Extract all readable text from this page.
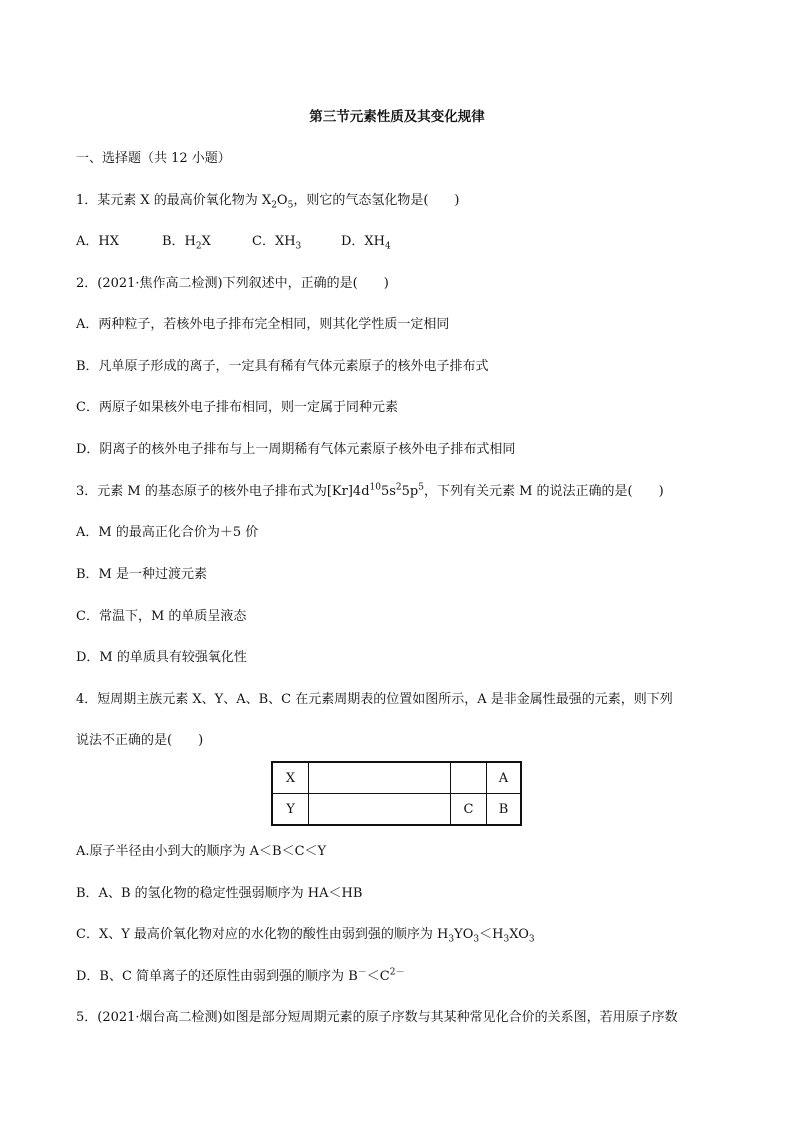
第三节元素性质及其变化规律
一、选择题（共 12 小题）
1．某元素 X 的最高价氧化物为 $X_2O_5$，则它的气态氢化物是(　　)
A．HX	B．$H_2X$	C．$XH_3$	D．$XH_4$
2．(2021·焦作高二检测)下列叙述中，正确的是(　　)
A．两种粒子，若核外电子排布完全相同，则其化学性质一定相同
B．凡单原子形成的离子，一定具有稀有气体元素原子的核外电子排布式
C．两原子如果核外电子排布相同，则一定属于同种元素
D．阴离子的核外电子排布与上一周期稀有气体元素原子核外电子排布式相同
3．元素 M 的基态原子的核外电子排布式为$[Kr]4d^{10}5s^25p^5$，下列有关元素 M 的说法正确的是(　　)
A．M 的最高正化合价为＋5 价
B．M 是一种过渡元素
C．常温下，M 的单质呈液态
D．M 的单质具有较强氧化性
4．短周期主族元素 X、Y、A、B、C 在元素周期表的位置如图所示，A 是非金属性最强的元素，则下列
说法不正确的是(　　)
X			A
Y		C	B
A.原子半径由小到大的顺序为 A＜B＜C＜Y
B．A、B 的氢化物的稳定性强弱顺序为 HA＜HB
C．X、Y 最高价氧化物对应的水化物的酸性由弱到强的顺序为 $H_3YO_3<H_3XO_3$
D．B、C 简单离子的还原性由弱到强的顺序为 $B^-<C^{2-}$
5．(2021·烟台高二检测)如图是部分短周期元素的原子序数与其某种常见化合价的关系图，若用原子序数
